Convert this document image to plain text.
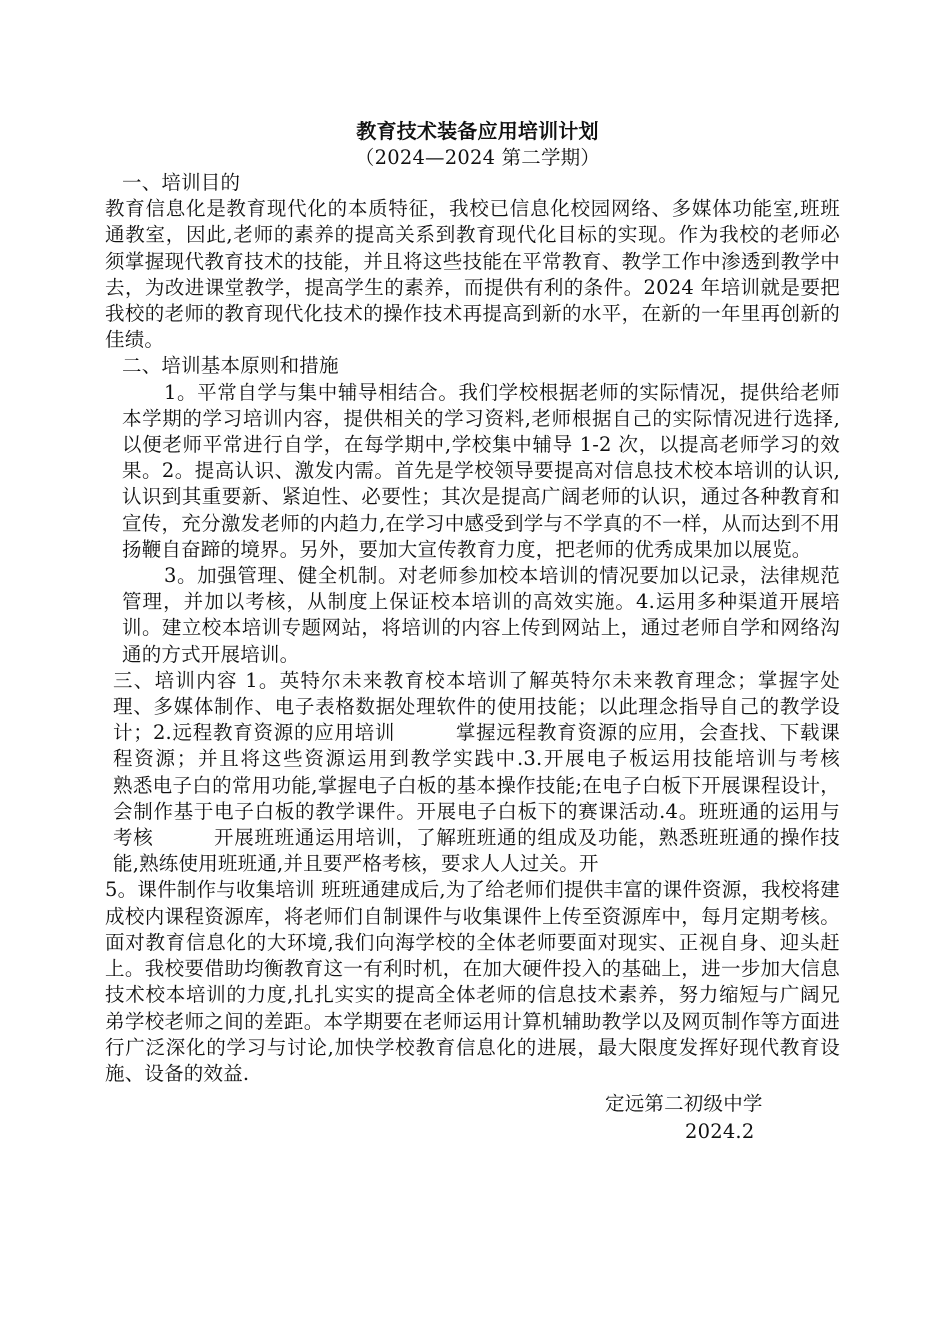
教育技术装备应用培训计划
（2024—2024 第二学期）
一、培训目的

教育信息化是教育现代化的本质特征，我校已信息化校园网络、多媒体功能室,班班通教室，因此,老师的素养的提高关系到教育现代化目标的实现。作为我校的老师必须掌握现代教育技术的技能，并且将这些技能在平常教育、教学工作中渗透到教学中去，为改进课堂教学，提高学生的素养，而提供有利的条件。2024 年培训就是要把我校的老师的教育现代化技术的操作技术再提高到新的水平，在新的一年里再创新的佳绩。

二、培训基本原则和措施

1。平常自学与集中辅导相结合。我们学校根据老师的实际情况，提供给老师本学期的学习培训内容，提供相关的学习资料,老师根据自己的实际情况进行选择,以便老师平常进行自学，在每学期中,学校集中辅导 1-2 次，以提高老师学习的效果。2。提高认识、激发内需。首先是学校领导要提高对信息技术校本培训的认识,认识到其重要新、紧迫性、必要性；其次是提高广阔老师的认识，通过各种教育和宣传，充分激发老师的内趋力,在学习中感受到学与不学真的不一样，从而达到不用扬鞭自奋蹄的境界。另外，要加大宣传教育力度，把老师的优秀成果加以展览。

3。加强管理、健全机制。对老师参加校本培训的情况要加以记录，法律规范管理，并加以考核，从制度上保证校本培训的高效实施。4.运用多种渠道开展培训。建立校本培训专题网站，将培训的内容上传到网站上，通过老师自学和网络沟通的方式开展培训。

三、培训内容 1。英特尔未来教育校本培训了解英特尔未来教育理念；掌握字处理、多媒体制作、电子表格数据处理软件的使用技能；以此理念指导自己的教学设计；2.远程教育资源的应用培训　　　掌握远程教育资源的应用，会查找、下载课程资源；并且将这些资源运用到教学实践中.3.开展电子板运用技能培训与考核　　　熟悉电子白的常用功能,掌握电子白板的基本操作技能;在电子白板下开展课程设计，会制作基于电子白板的教学课件。开展电子白板下的赛课活动.4。班班通的运用与考核　　　开展班班通运用培训，了解班班通的组成及功能，熟悉班班通的操作技能,熟练使用班班通,并且要严格考核，要求人人过关。开

5。课件制作与收集培训 班班通建成后,为了给老师们提供丰富的课件资源，我校将建成校内课程资源库，将老师们自制课件与收集课件上传至资源库中，每月定期考核。面对教育信息化的大环境,我们向海学校的全体老师要面对现实、正视自身、迎头赶上。我校要借助均衡教育这一有利时机，在加大硬件投入的基础上，进一步加大信息技术校本培训的力度,扎扎实实的提高全体老师的信息技术素养，努力缩短与广阔兄弟学校老师之间的差距。本学期要在老师运用计算机辅助教学以及网页制作等方面进行广泛深化的学习与讨论,加快学校教育信息化的进展，最大限度发挥好现代教育设施、设备的效益.

定远第二初级中学
2024.2
